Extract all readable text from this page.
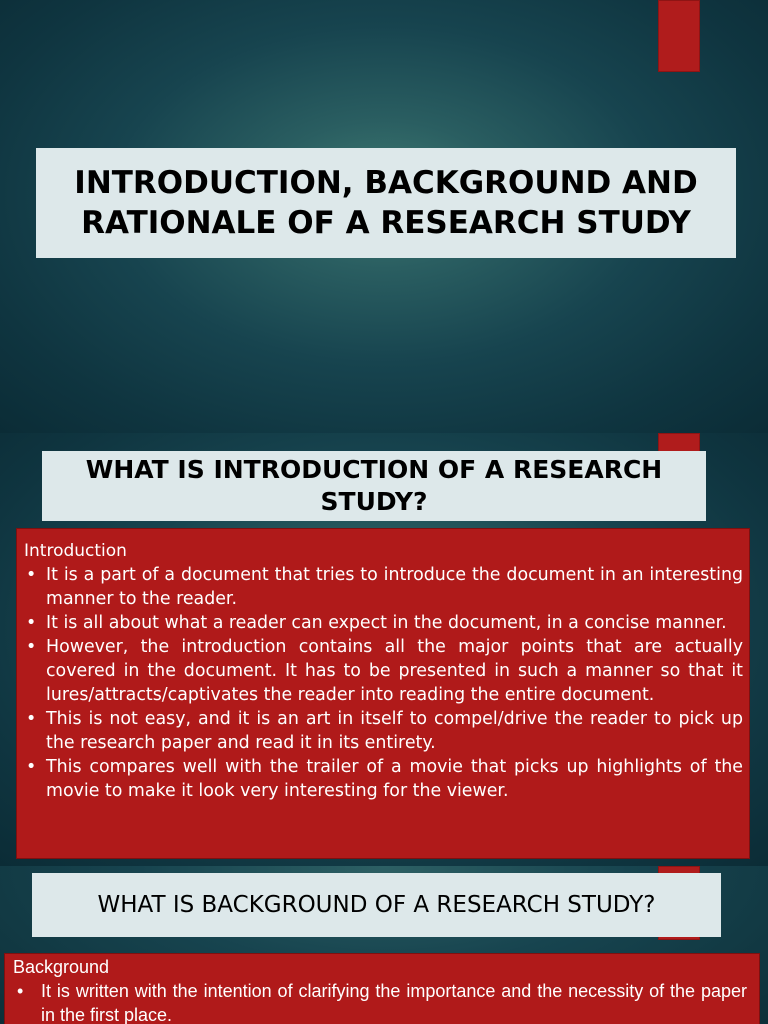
INTRODUCTION, BACKGROUND AND RATIONALE OF A RESEARCH STUDY
WHAT IS INTRODUCTION OF A RESEARCH STUDY?
Introduction
• It is a part of a document that tries to introduce the document in an interesting manner to the reader.
• It is all about what a reader can expect in the document, in a concise manner.
• However, the introduction contains all the major points that are actually covered in the document. It has to be presented in such a manner so that it lures/attracts/captivates the reader into reading the entire document.
• This is not easy, and it is an art in itself to compel/drive the reader to pick up the research paper and read it in its entirety.
• This compares well with the trailer of a movie that picks up highlights of the movie to make it look very interesting for the viewer.
WHAT IS BACKGROUND OF A RESEARCH STUDY?
Background
• It is written with the intention of clarifying the importance and the necessity of the paper in the first place.
